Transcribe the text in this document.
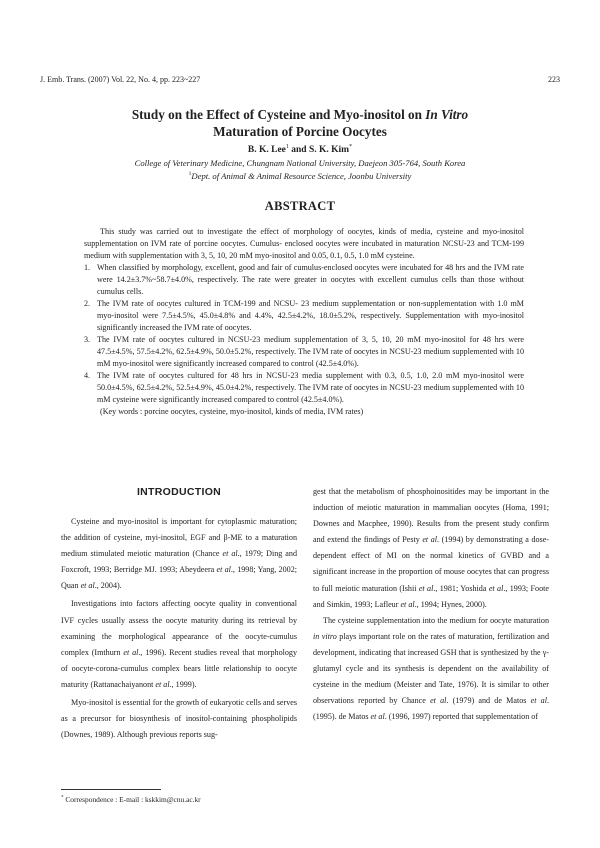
J. Emb. Trans. (2007) Vol. 22, No. 4, pp. 223~227	223
Study on the Effect of Cysteine and Myo-inositol on In Vitro
Maturation of Porcine Oocytes
B. K. Lee$^1$ and S. K. Kim*
College of Veterinary Medicine, Chungnam National University, Daejeon 305-764, South Korea
$^1$Dept. of Animal & Animal Resource Science, Joonbu University
ABSTRACT

This study was carried out to investigate the effect of morphology of oocytes, kinds of media, cysteine and myo-inositol supplementation on IVM rate of porcine oocytes. Cumulus- enclosed oocytes were incubated in maturation NCSU-23 and TCM-199 medium with supplementation with 3, 5, 10, 20 mM myo-inositol and 0.05, 0.1, 0.5, 1.0 mM cysteine.

1. When classified by morphology, excellent, good and fair of cumulus-enclosed oocytes were incubated for 48 hrs and the IVM rate were 14.2±3.7%~58.7±4.0%, respectively. The rate were greater in oocytes with excellent cumulus cells than those without cumulus cells.
2. The IVM rate of oocytes cultured in TCM-199 and NCSU- 23 medium supplementation or non-supplementation with 1.0 mM myo-inositol were 7.5±4.5%, 45.0±4.8% and 4.4%, 42.5±4.2%, 18.0±5.2%, respectively. Supplementation with myo-inositol significantly increased the IVM rate of oocytes.
3. The IVM rate of oocytes cultured in NCSU-23 medium supplementation of 3, 5, 10, 20 mM myo-inositol for 48 hrs were 47.5±4.5%, 57.5±4.2%, 62.5±4.9%, 50.0±5.2%, respectively. The IVM rate of oocytes in NCSU-23 medium supplemented with 10 mM myo-inositol were significantly increased compared to control (42.5±4.0%).
4. The IVM rate of oocytes cultured for 48 hrs in NCSU-23 media supplement with 0.3, 0.5, 1.0, 2.0 mM myo-inositol were 50.0±4.5%, 62.5±4.2%, 52.5±4.9%, 45.0±4.2%, respectively. The IVM rate of oocytes in NCSU-23 medium supplemented with 10 mM cysteine were significantly increased compared to control (42.5±4.0%).

(Key words : porcine oocytes, cysteine, myo-inositol, kinds of media, IVM rates)

INTRODUCTION

Cysteine and myo-inositol is important for cytoplasmic maturation; the addition of cysteine, myi-inositol, EGF and β-ME to a maturation medium stimulated meiotic maturation (Chance et al., 1979; Ding and Foxcroft, 1993; Berridge MJ. 1993; Abeydeera et al., 1998; Yang, 2002; Quan et al., 2004).

Investigations into factors affecting oocyte quality in conventional IVF cycles usually assess the oocyte maturity during its retrieval by examining the morphological appearance of the oocyte-cumulus complex (Imthurn et al., 1996). Recent studies reveal that morphology of oocyte-corona-cumulus complex bears little relationship to oocyte maturity (Rattanachaiyanont et al., 1999).

Myo-inositol is essential for the growth of eukaryotic cells and serves as a precursor for biosynthesis of inositol-containing phospholipids (Downes, 1989). Although previous reports sug-

gest that the metabolism of phosphoinositides may be important in the induction of meiotic maturation in mammalian oocytes (Homa, 1991; Downes and Macphee, 1990). Results from the present study confirm and extend the findings of Pesty et al. (1994) by demonstrating a dose-dependent effect of MI on the normal kinetics of GVBD and a significant increase in the proportion of mouse oocytes that can progress to full meiotic maturation (Ishii et al., 1981; Yoshida et al., 1993; Foote and Simkin, 1993; Lafleur et al., 1994; Hynes, 2000).

The cysteine supplementation into the medium for oocyte maturation in vitro plays important role on the rates of maturation, fertilization and development, indicating that increased GSH that is synthesized by the γ-glutamyl cycle and its synthesis is dependent on the availability of cysteine in the medium (Meister and Tate, 1976). It is similar to other observations reported by Chance et al. (1979) and de Matos et al. (1995). de Matos et al. (1996, 1997) reported that supplementation of

* Correspondence : E-mail : kskkim@cnu.ac.kr
